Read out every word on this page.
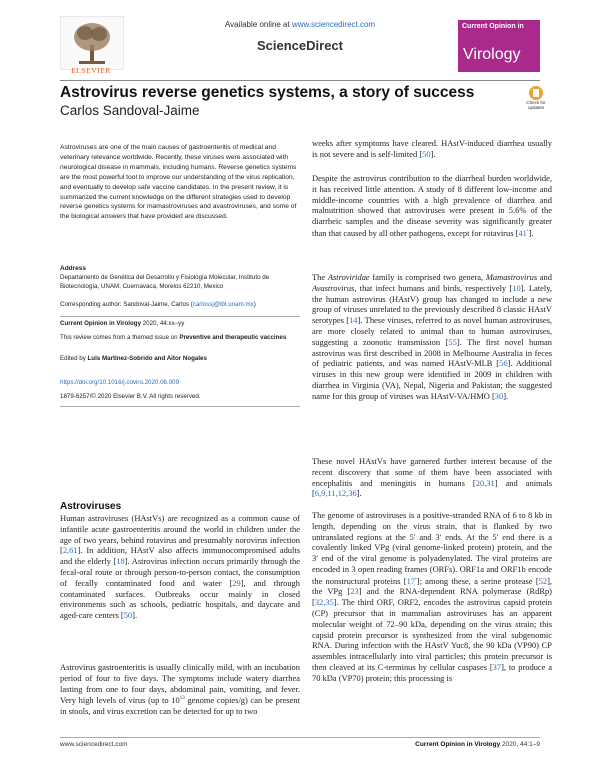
Available online at www.sciencedirect.com
ScienceDirect
ELSEVIER
Current Opinion in
Virology
Astrovirus reverse genetics systems, a story of success
Carlos Sandoval-Jaime
Check for updates
Astroviruses are one of the main causes of gastroenteritis of medical and veterinary relevance worldwide. Recently, these viruses were associated with neurological disease in mammals, including humans. Reverse genetics systems are the most powerful tool to improve our understanding of the virus replication, and eventually to develop safe vaccine candidates. In the present review, it is summarized the current knowledge on the different strategies used to develop reverse genetics systems for mamastroviruses and avastroviruses, and some of the biological answers that have provided are discussed.
Address
Departamento de Genética del Desarrollo y Fisiología Molecular, Instituto de Biotecnología, UNAM, Cuernavaca, Morelos 62210, Mexico
Corresponding author: Sandoval-Jaime, Carlos (carlossj@ibt.unam.mx)
Current Opinion in Virology 2020, 44:xx–yy
This review comes from a themed issue on Preventive and therapeutic vaccines
Edited by Luis Martinez-Sobrido and Aitor Nogales
https://doi.org/10.1016/j.coviro.2020.06.009
1879-6257/© 2020 Elsevier B.V. All rights reserved.
Astroviruses
Human astroviruses (HAstVs) are recognized as a common cause of infantile acute gastroenteritis around the world in children under the age of two years, behind rotavirus and presumably norovirus infection [2,61]. In addition, HAstV also affects immunocompromised adults and the elderly [18]. Astrovirus infection occurs primarily through the fecal-oral route or through person-to-person contact, the consumption of fecally contaminated food and water [29], and through contaminated surfaces. Outbreaks occur mainly in closed environments such as schools, pediatric hospitals, and daycare and aged-care centers [50].
Astrovirus gastroenteritis is usually clinically mild, with an incubation period of four to five days. The symptoms include watery diarrhea lasting from one to four days, abdominal pain, vomiting, and fever. Very high levels of virus (up to $10^{13}$ genome copies/g) can be present in stools, and virus excretion can be detected for up to two
weeks after symptoms have cleared. HAstV-induced diarrhea usually is not severe and is self-limited [50].
Despite the astrovirus contribution to the diarrheal burden worldwide, it has received little attention. A study of 8 different low-income and middle-income countries with a high prevalence of diarrhea and malnutrition showed that astroviruses were present in 5.6% of the diarrheic samples and the disease severity was significantly greater than that caused by all other pathogens, except for rotavirus [41•].
The Astroviridae family is comprised two genera, Mamastrovirus and Avastrovirus, that infect humans and birds, respectively [10]. Lately, the human astrovirus (HAstV) group has changed to include a new group of viruses unrelated to the previously described 8 classic HAstV serotypes [14]. These viruses, referred to as novel human astroviruses, are more closely related to animal than to human astroviruses, suggesting a zoonotic transmission [55]. The first novel human astrovirus was first described in 2008 in Melbourne Australia in feces of pediatric patients, and was named HAstV-MLB [56]. Additional viruses in this new group were identified in 2009 in children with diarrhea in Virginia (VA), Nepal, Nigeria and Pakistan; the suggested name for this group of viruses was HAstV-VA/HMO [30].
These novel HAstVs have garnered further interest because of the recent discovery that some of them have been associated with encephalitis and meningitis in humans [20,31] and animals [6,9,11,12,36].
The genome of astroviruses is a positive-stranded RNA of 6 to 8 kb in length, depending on the virus strain, that is flanked by two untranslated regions at the 5′ and 3′ ends. At the 5′ end there is a covalently linked VPg (viral genome-linked protein) protein, and the 3′ end of the viral genome is polyadenylated. The viral proteins are encoded in 3 open reading frames (ORFs). ORF1a and ORF1b encode the nonstructural proteins [17•]; among these, a serine protease [52], the VPg [23] and the RNA-dependent RNA polymerase (RdRp) [32,35]. The third ORF, ORF2, encodes the astrovirus capsid protein (CP) precursor that in mammalian astroviruses has an apparent molecular weight of 72–90 kDa, depending on the virus strain; this capsid protein precursor is synthesized from the viral subgenomic RNA. During infection with the HAstV Yuc8, the 90 kDa (VP90) CP assembles intracellularly into viral particles; this protein precursor is then cleaved at its C-terminus by cellular caspases [37], to produce a 70 kDa (VP70) protein; this processing is
www.sciencedirect.com	Current Opinion in Virology 2020, 44:1–9
